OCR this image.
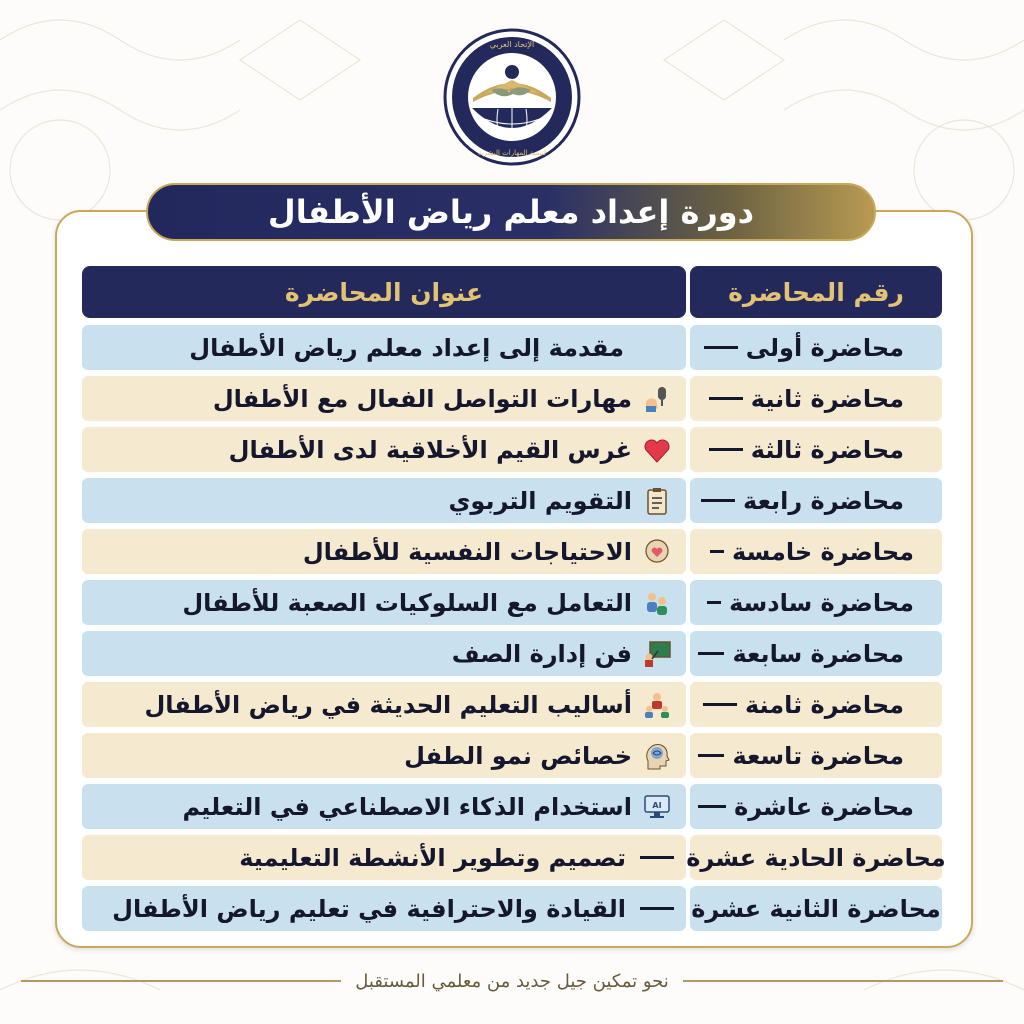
الإتحاد العربي
لتنمية المهارات البشرية
دورة إعداد معلم رياض الأطفال
رقم المحاضرة
عنوان المحاضرة
محاضرة أولى
مقدمة إلى إعداد معلم رياض الأطفال
محاضرة ثانية
مهارات التواصل الفعال مع الأطفال
محاضرة ثالثة
غرس القيم الأخلاقية لدى الأطفال
محاضرة رابعة
التقويم التربوي
محاضرة خامسة
الاحتياجات النفسية للأطفال
محاضرة سادسة
التعامل مع السلوكيات الصعبة للأطفال
محاضرة سابعة
فن إدارة الصف
محاضرة ثامنة
أساليب التعليم الحديثة في رياض الأطفال
محاضرة تاسعة
خصائص نمو الطفل
محاضرة عاشرة
AI
استخدام الذكاء الاصطناعي في التعليم
محاضرة الحادية عشرة
تصميم وتطوير الأنشطة التعليمية
محاضرة الثانية عشرة
القيادة والاحترافية في تعليم رياض الأطفال
نحو تمكين جيل جديد من معلمي المستقبل
